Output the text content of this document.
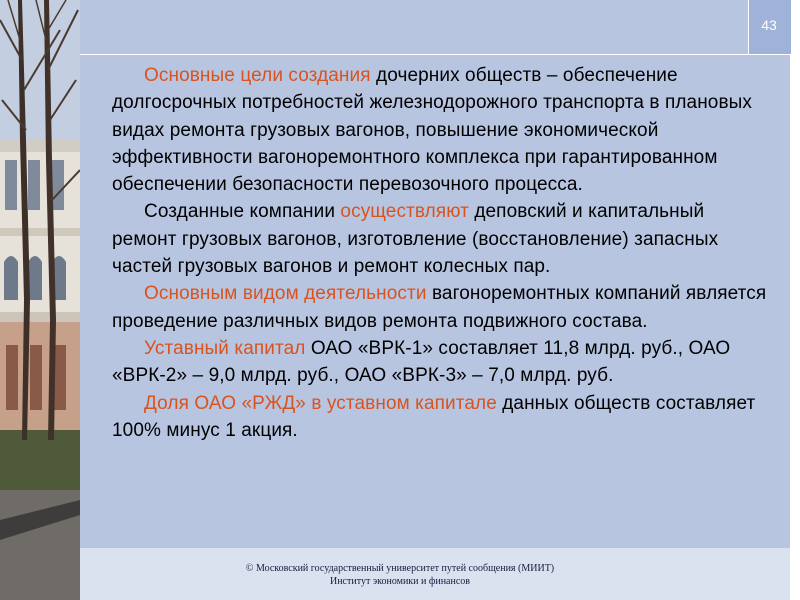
43

Основные цели создания дочерних обществ – обеспечение долгосрочных потребностей железнодорожного транспорта в плановых видах ремонта грузовых вагонов, повышение экономической эффективности вагоноремонтного комплекса при гарантированном обеспечении безопасности перевозочного процесса.

Созданные компании осуществляют деповский и капитальный ремонт грузовых вагонов, изготовление (восстановление) запасных частей грузовых вагонов и ремонт колесных пар.

Основным видом деятельности вагоноремонтных компаний является проведение различных видов ремонта подвижного состава.

Уставный капитал ОАО «ВРК-1» составляет 11,8 млрд. руб., ОАО «ВРК-2» – 9,0 млрд. руб., ОАО «ВРК-3» – 7,0 млрд. руб.

Доля ОАО «РЖД» в уставном капитале данных обществ составляет 100% минус 1 акция.

© Московский государственный университет путей сообщения (МИИТ)
Институт экономики и финансов
